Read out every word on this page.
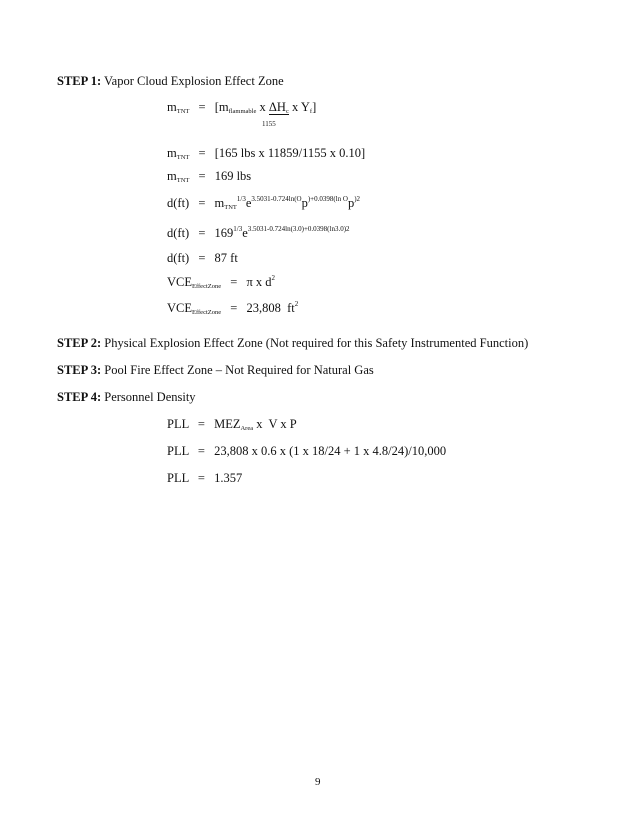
STEP 1: Vapor Cloud Explosion Effect Zone
$m_{TNT} = [m_{flammable}$ x $\Delta H_c$ x $Y_f$]
1155
$m_{TNT} = [165$ lbs x 11859/1155 x 0.10]
$m_{TNT} = 169$ lbs
$d(ft) = m_{TNT}^{1/3}e^{3.5031-0.724ln(O}p^{)+0.0398(ln O}p^{)2}$
$d(ft) = 169^{1/3}e^{3.5031-0.724ln(3.0)+0.0398(ln3.0)2}$
d(ft) = 87 ft
$VCE_{EffectZone} = \pi$ x $d^2$
$VCE_{EffectZone} = 23,808$  $ft^2$
STEP 2: Physical Explosion Effect Zone (Not required for this Safety Instrumented Function)
STEP 3: Pool Fire Effect Zone – Not Required for Natural Gas
STEP 4: Personnel Density
PLL = $MEZ_{Area}$ x  V x P
PLL = 23,808 x 0.6 x (1 x 18/24 + 1 x 4.8/24)/10,000
PLL = 1.357
9
